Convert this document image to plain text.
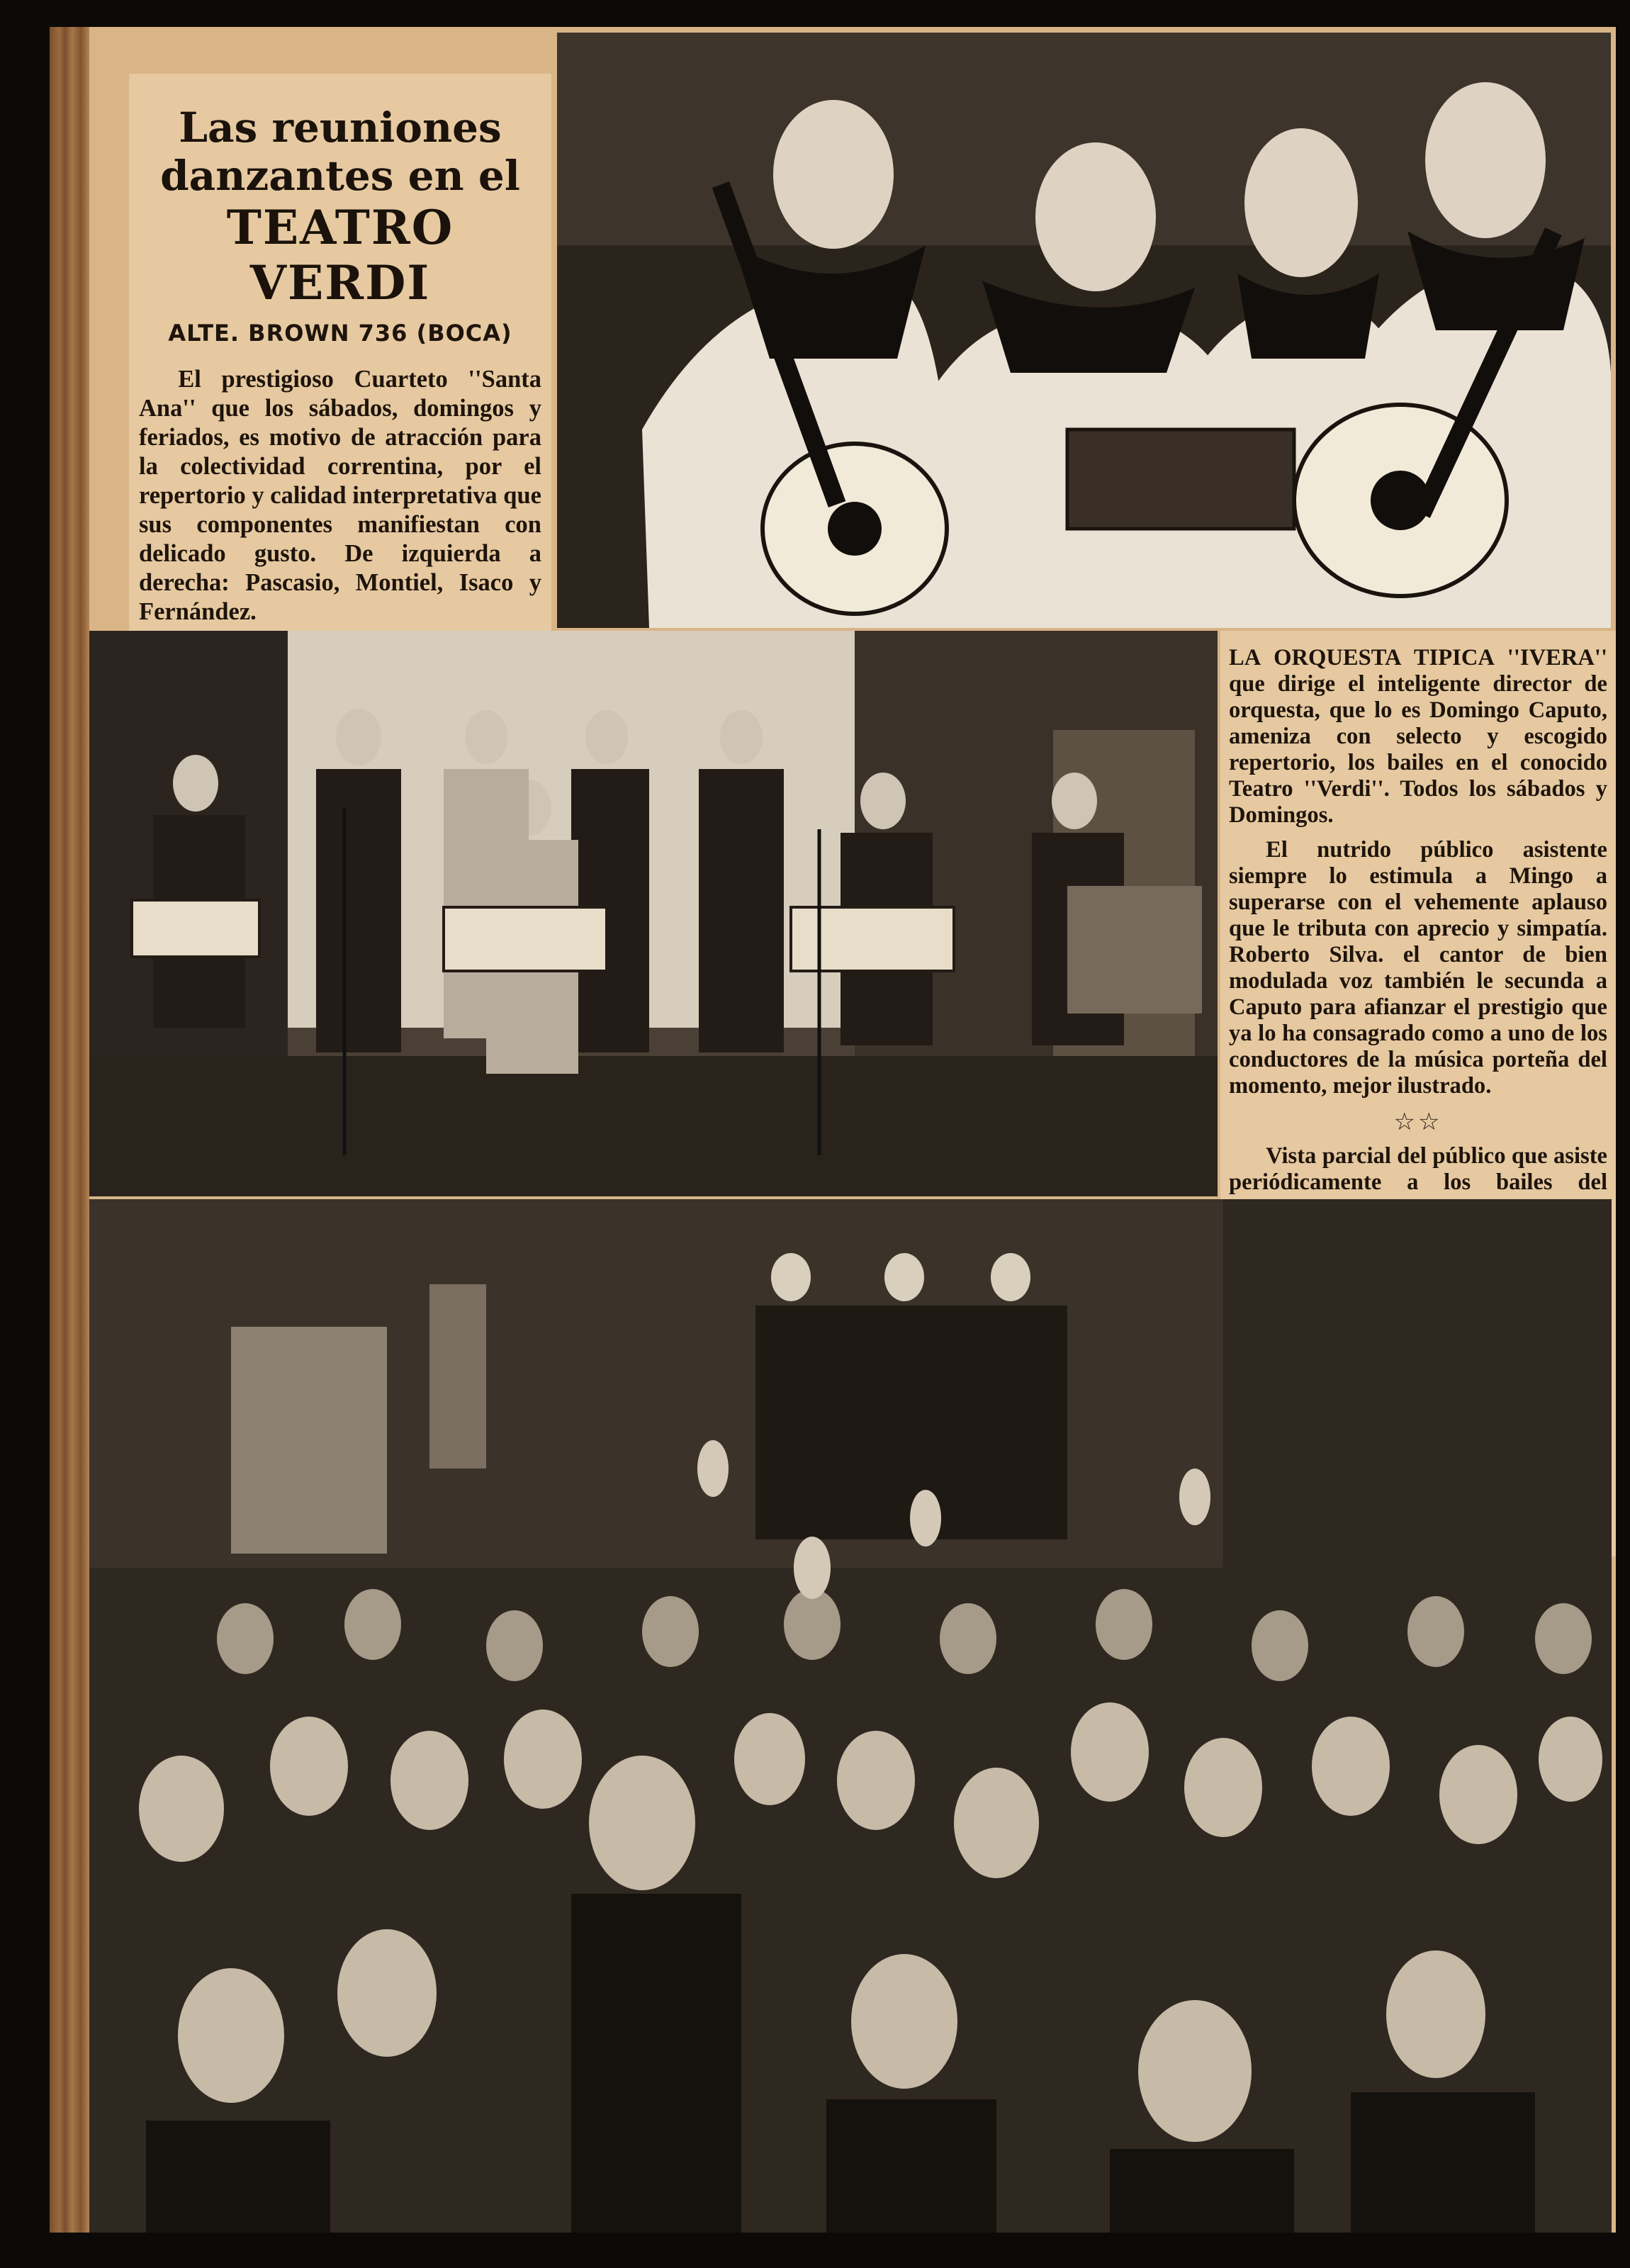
Las reuniones
danzantes en el
TEATRO VERDI
ALTE. BROWN 736 (BOCA)

El prestigioso Cuarteto ''Santa Ana'' que los sábados, domingos y feriados, es motivo de atracción para la colectividad correntina, por el repertorio y calidad interpretativa que sus componentes manifiestan con delicado gusto. De izquierda a derecha: Pascasio, Montiel, Isaco y Fernández.

LA ORQUESTA TIPICA ''IVERA'' que dirige el inteligente director de orquesta, que lo es Domingo Caputo, ameniza con selecto y escogido repertorio, los bailes en el conocido Teatro ''Verdi''. Todos los sábados y Domingos.

El nutrido público asistente siempre lo estimula a Mingo a superarse con el vehemente aplauso que le tributa con aprecio y simpatía. Roberto Silva. el cantor de bien modulada voz también le secunda a Caputo para afianzar el prestigio que ya lo ha consagrado como a uno de los conductores de la música porteña del momento, mejor ilustrado.

☆☆

Vista parcial del público que asiste periódicamente a los bailes del
